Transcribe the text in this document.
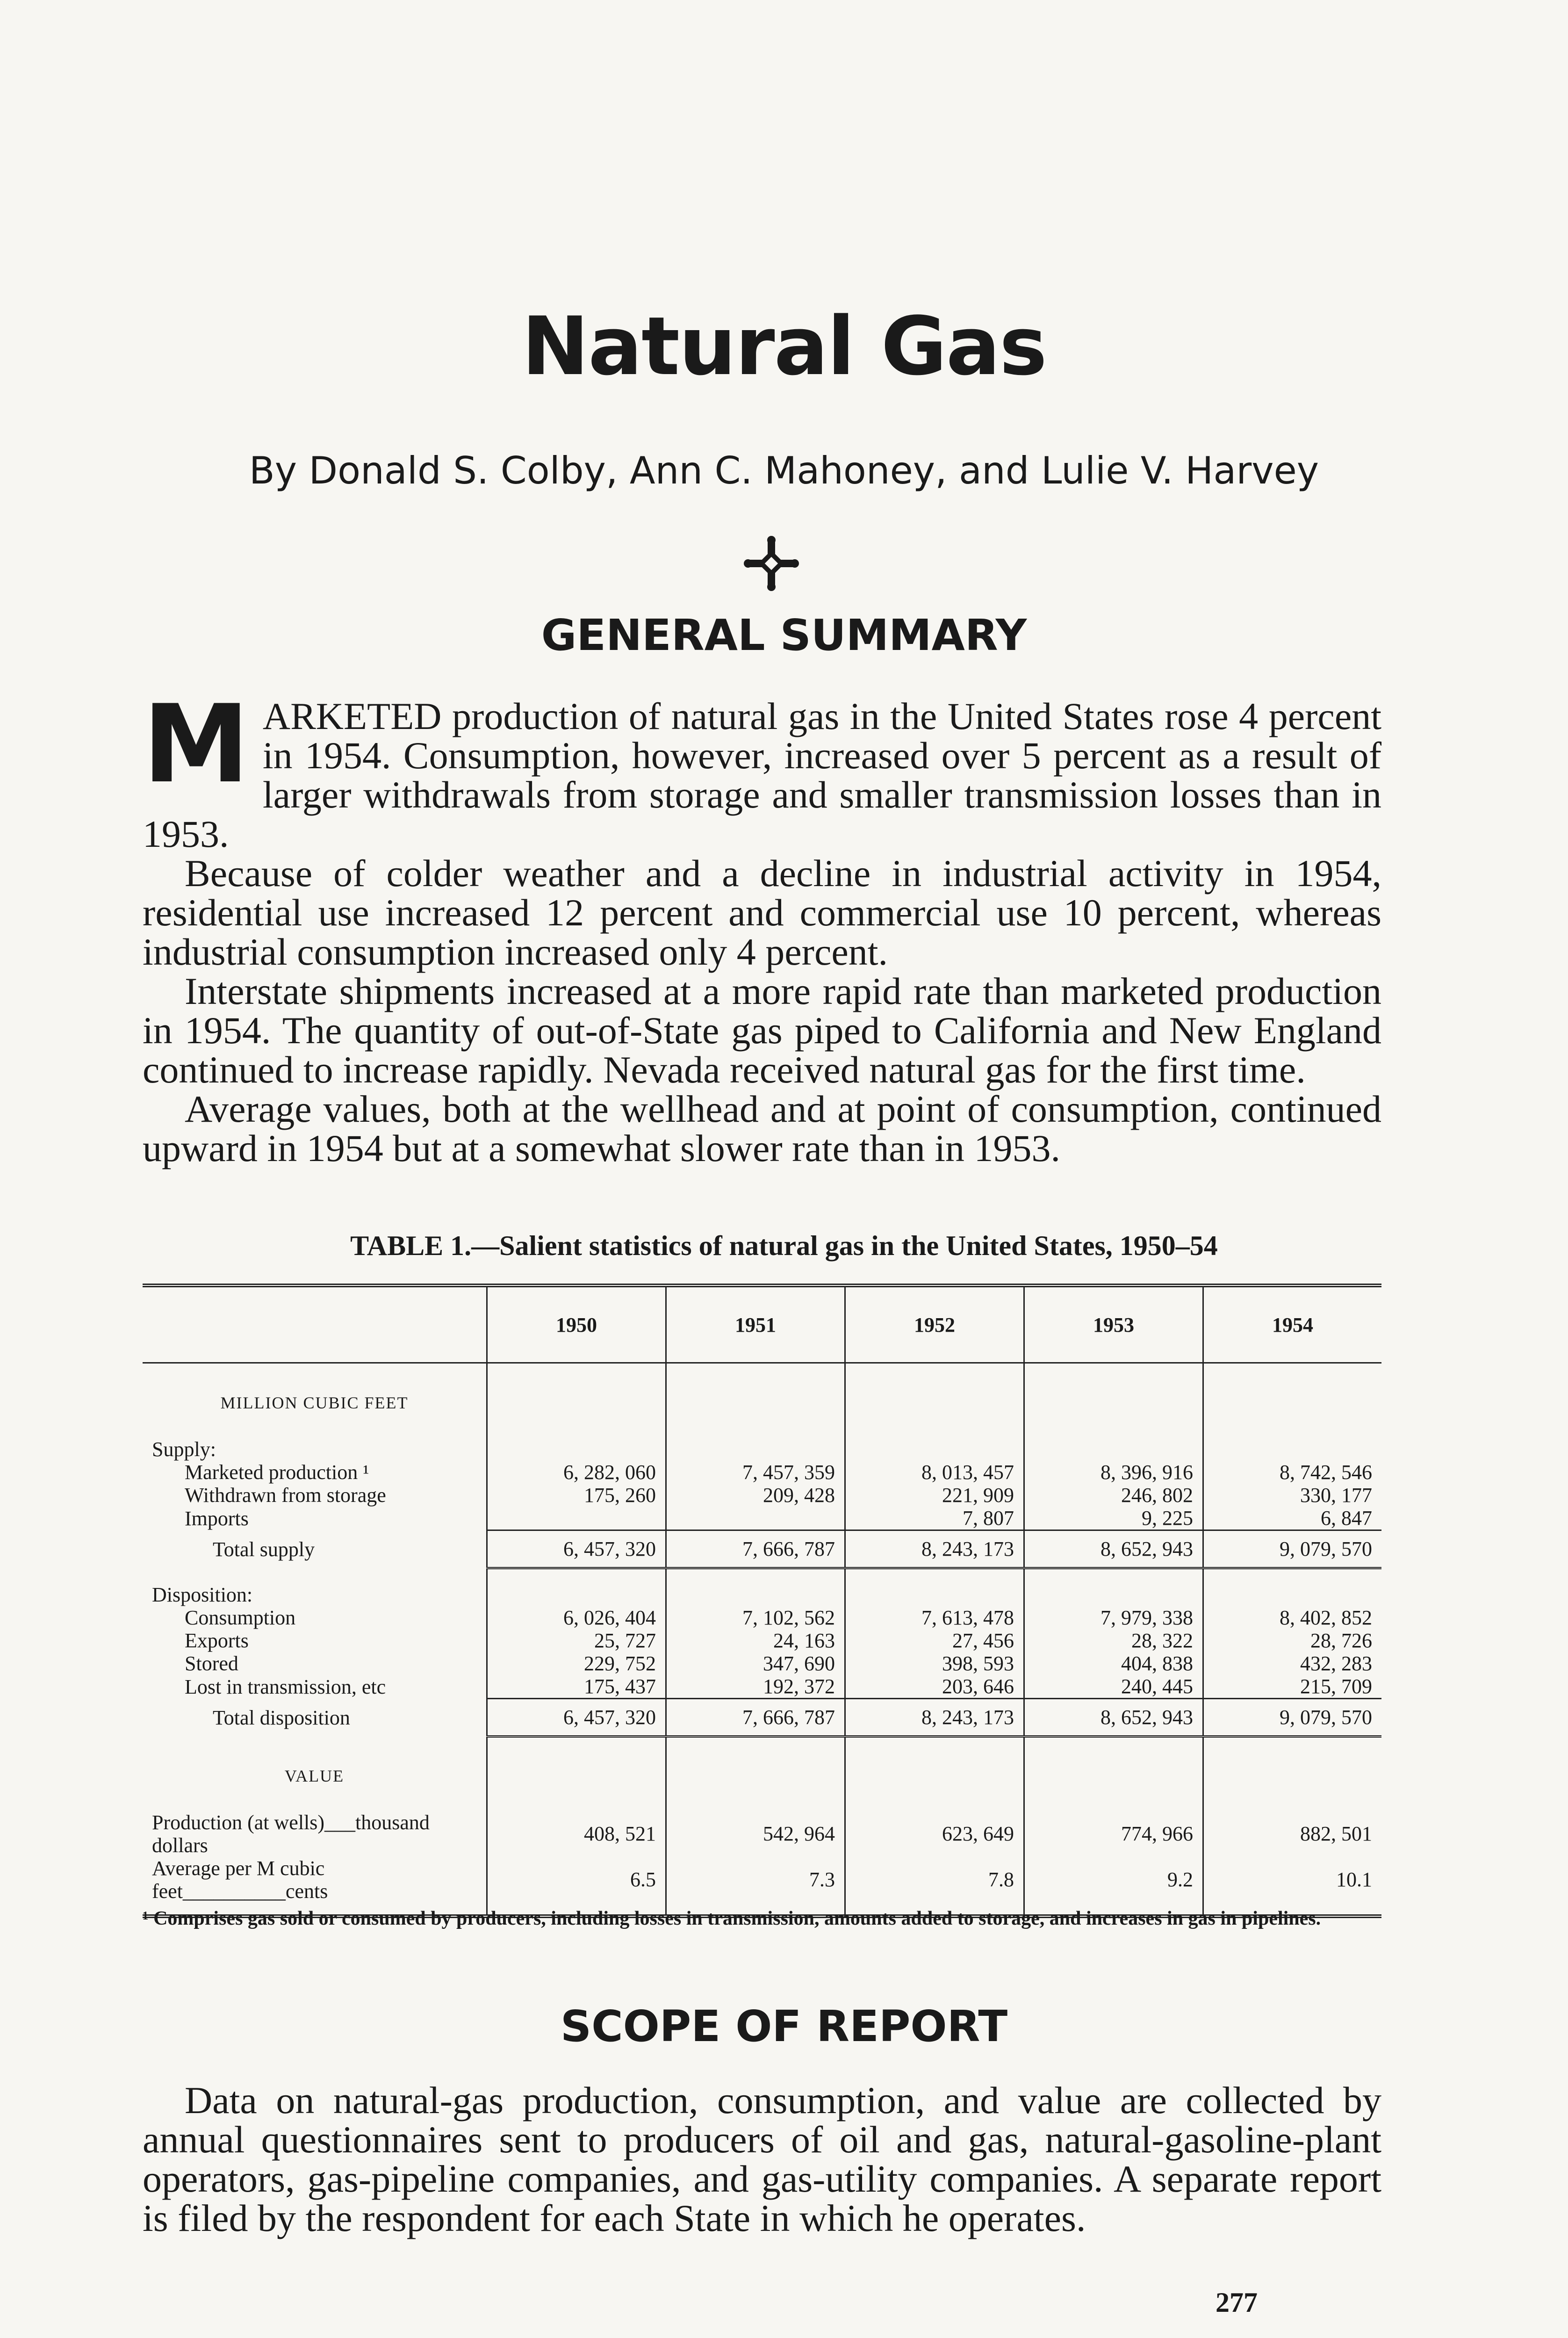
Natural Gas
By Donald S. Colby, Ann C. Mahoney, and Lulie V. Harvey
GENERAL SUMMARY

MARKETED production of natural gas in the United States rose 4 percent in 1954. Consumption, however, increased over 5 percent as a result of larger withdrawals from storage and smaller transmission losses than in 1953.

Because of colder weather and a decline in industrial activity in 1954, residential use increased 12 percent and commercial use 10 percent, whereas industrial consumption increased only 4 percent.

Interstate shipments increased at a more rapid rate than marketed production in 1954. The quantity of out-of-State gas piped to California and New England continued to increase rapidly. Nevada received natural gas for the first time.

Average values, both at the wellhead and at point of consumption, continued upward in 1954 but at a somewhat slower rate than in 1953.

TABLE 1.—Salient statistics of natural gas in the United States, 1950–54
	1950	1951	1952	1953	1954
MILLION CUBIC FEET					
Supply:					
Marketed production ¹	6, 282, 060	7, 457, 359	8, 013, 457	8, 396, 916	8, 742, 546
Withdrawn from storage	175, 260	209, 428	221, 909	246, 802	330, 177
Imports			7, 807	9, 225	6, 847
Total supply	6, 457, 320	7, 666, 787	8, 243, 173	8, 652, 943	9, 079, 570

Disposition:					
Consumption	6, 026, 404	7, 102, 562	7, 613, 478	7, 979, 338	8, 402, 852
Exports	25, 727	24, 163	27, 456	28, 322	28, 726
Stored	229, 752	347, 690	398, 593	404, 838	432, 283
Lost in transmission, etc	175, 437	192, 372	203, 646	240, 445	215, 709
Total disposition	6, 457, 320	7, 666, 787	8, 243, 173	8, 652, 943	9, 079, 570
VALUE					
Production (at wells)___thousand dollars	408, 521	542, 964	623, 649	774, 966	882, 501
Average per M cubic feet__________cents	6.5	7.3	7.8	9.2	10.1
¹ Comprises gas sold or consumed by producers, including losses in transmission, amounts added to storage, and increases in gas in pipelines.
SCOPE OF REPORT

Data on natural-gas production, consumption, and value are collected by annual questionnaires sent to producers of oil and gas, natural-gasoline-plant operators, gas-pipeline companies, and gas-utility companies. A separate report is filed by the respondent for each State in which he operates.

277
